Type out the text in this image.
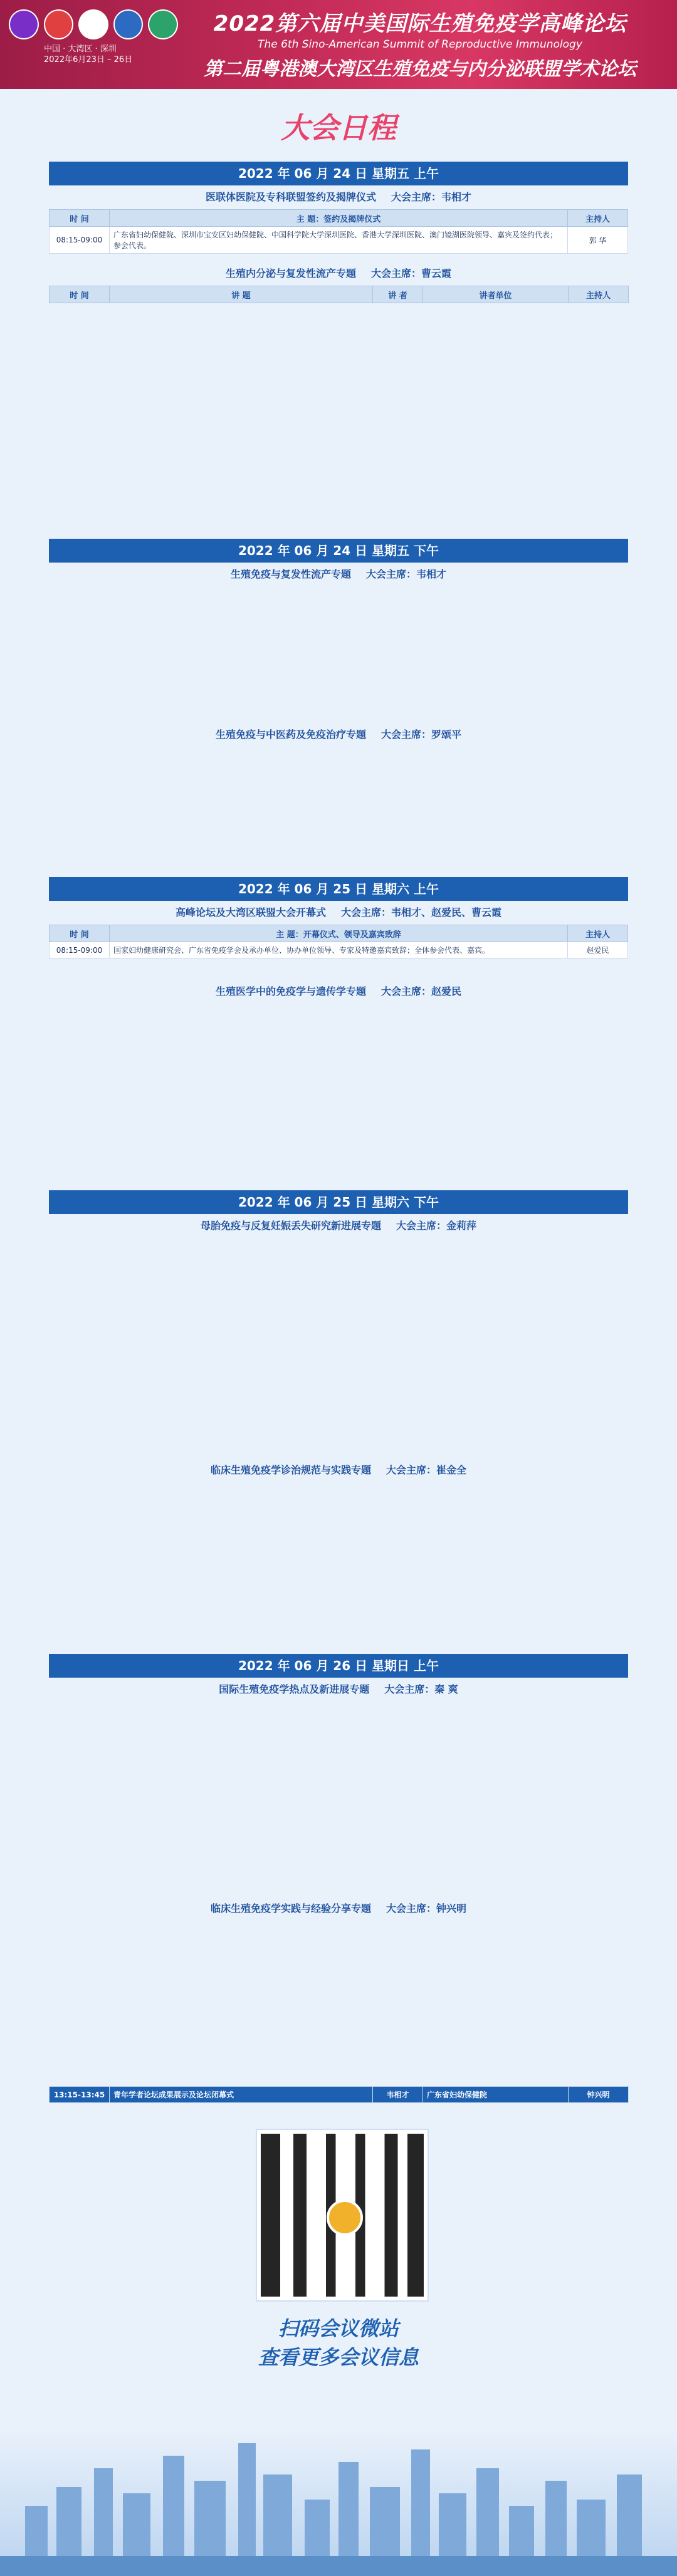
中国 · 大湾区 · 深圳
2022年6月23日 – 26日
2022第六届中美国际生殖免疫学高峰论坛
The 6th Sino-American Summit of Reproductive Immunology
第二届粤港澳大湾区生殖免疫与内分泌联盟学术论坛
大会日程
2022 年 06 月 24 日 星期五 上午
医联体医院及专科联盟签约及揭牌仪式 大会主席：韦相才
时 间	主 题：签约及揭牌仪式	主持人
08:15-09:00	广东省妇幼保健院、深圳市宝安区妇幼保健院、中国科学院大学深圳医院、香港大学深圳医院、澳门镜湖医院领导、嘉宾及签约代表；参会代表。	郭 华
生殖内分泌与复发性流产专题 大会主席：曹云霞
时 间	讲 题	讲 者	讲者单位	主持人
2022 年 06 月 24 日 星期五 下午
生殖免疫与复发性流产专题 大会主席：韦相才
生殖免疫与中医药及免疫治疗专题 大会主席：罗颂平
2022 年 06 月 25 日 星期六 上午
高峰论坛及大湾区联盟大会开幕式 大会主席：韦相才、赵爱民、曹云霞
时 间	主 题：开幕仪式、领导及嘉宾致辞	主持人
08:15-09:00	国家妇幼健康研究会、广东省免疫学会及承办单位、协办单位领导、专家及特邀嘉宾致辞；全体参会代表、嘉宾。	赵爱民
生殖医学中的免疫学与遗传学专题 大会主席：赵爱民
2022 年 06 月 25 日 星期六 下午
母胎免疫与反复妊娠丢失研究新进展专题 大会主席：金莉萍
临床生殖免疫学诊治规范与实践专题 大会主席：崔金全
2022 年 06 月 26 日 星期日 上午
国际生殖免疫学热点及新进展专题 大会主席：秦 爽
临床生殖免疫学实践与经验分享专题 大会主席：钟兴明
13:15-13:45	青年学者论坛成果展示及论坛闭幕式	韦相才	广东省妇幼保健院	钟兴明
扫码会议微站
查看更多会议信息
